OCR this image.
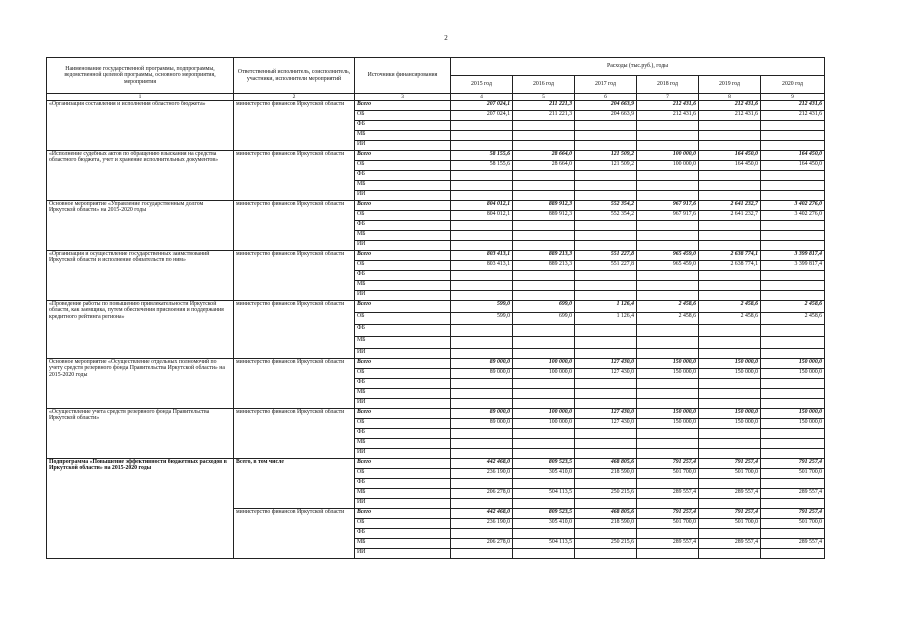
2
Наименование государственной программы, подпрограммы, ведомственной целевой программы, основного мероприятия, мероприятия	Ответственный исполнитель, соисполнитель, участники, исполнители мероприятий	Источники финансирования	Расходы (тыс.руб.), годы					
			2015 год	2016 год	2017 год	2018 год	2019 год	2020 год
1	2	3	4	5	6	7	8	9
«Организация составления и исполнения областного бюджета»	министерство финансов Иркутской области	Всего	207 024,1	211 221,3	204 663,9	212 431,6	212 431,6	212 431,6
		ОБ	207 024,1	211 221,3	204 663,9	212 431,6	212 431,6	212 431,6
		ФБ						
		МБ						
		ИИ						
«Исполнение судебных актов по обращению взыскания на средства областного бюджета, учет и хранение исполнительных документов»	министерство финансов Иркутской области	Всего	58 155,6	28 664,0	121 509,2	100 000,0	164 450,0	164 450,0
		ОБ	58 155,6	28 664,0	121 509,2	100 000,0	164 450,0	164 450,0
		ФБ						
		МБ						
		ИИ						
Основное мероприятие «Управление государственным долгом Иркутской области» на 2015-2020 годы	министерство финансов Иркутской области	Всего	804 012,1	889 912,3	552 354,2	967 917,6	2 641 232,7	3 402 276,0
		ОБ	804 012,1	889 912,3	552 354,2	967 917,6	2 641 232,7	3 402 276,0
		ФБ						
		МБ						
		ИИ						
«Организация и осуществление государственных заимствований Иркутской области и исполнение обязательств по ним»	министерство финансов Иркутской области	Всего	803 413,1	889 213,3	551 227,8	965 459,0	2 638 774,1	3 399 817,4
		ОБ	803 413,1	889 213,3	551 227,8	965 459,0	2 638 774,1	3 399 817,4
		ФБ						
		МБ						
		ИИ						
«Проведение работы по повышению привлекательности Иркутской области, как заемщика, путем обеспечения присвоения и поддержания кредитного рейтинга региона»	министерство финансов Иркутской области	Всего	599,0	699,0	1 126,4	2 458,6	2 458,6	2 458,6
		ОБ	599,0	699,0	1 126,4	2 458,6	2 458,6	2 458,6
		ФБ						
		МБ						
		ИИ						
Основное мероприятие «Осуществление отдельных полномочий по учету средств резервного фонда Правительства Иркутской области» на 2015-2020 годы	министерство финансов Иркутской области	Всего	89 000,0	100 000,0	127 430,0	150 000,0	150 000,0	150 000,0
		ОБ	89 000,0	100 000,0	127 430,0	150 000,0	150 000,0	150 000,0
		ФБ						
		МБ						
		ИИ						
«Осуществление учета средств резервного фонда Правительства Иркутской области»	министерство финансов Иркутской области	Всего	89 000,0	100 000,0	127 430,0	150 000,0	150 000,0	150 000,0
		ОБ	89 000,0	100 000,0	127 430,0	150 000,0	150 000,0	150 000,0
		ФБ						
		МБ						
		ИИ						
Подпрограмма «Повышение эффективности бюджетных расходов в Иркутской области» на 2015-2020 годы	Всего, в том числе	Всего	442 468,0	809 523,5	468 805,6	791 257,4	791 257,4	791 257,4
		ОБ	236 190,0	305 410,0	218 590,0	501 700,0	501 700,0	501 700,0
		ФБ						
		МБ	206 278,0	504 113,5	250 215,6	289 557,4	289 557,4	289 557,4
		ИИ						
	министерство финансов Иркутской области	Всего	442 468,0	809 523,5	468 805,6	791 257,4	791 257,4	791 257,4
		ОБ	236 190,0	305 410,0	218 590,0	501 700,0	501 700,0	501 700,0
		ФБ						
		МБ	206 278,0	504 113,5	250 215,6	289 557,4	289 557,4	289 557,4
		ИИ						
